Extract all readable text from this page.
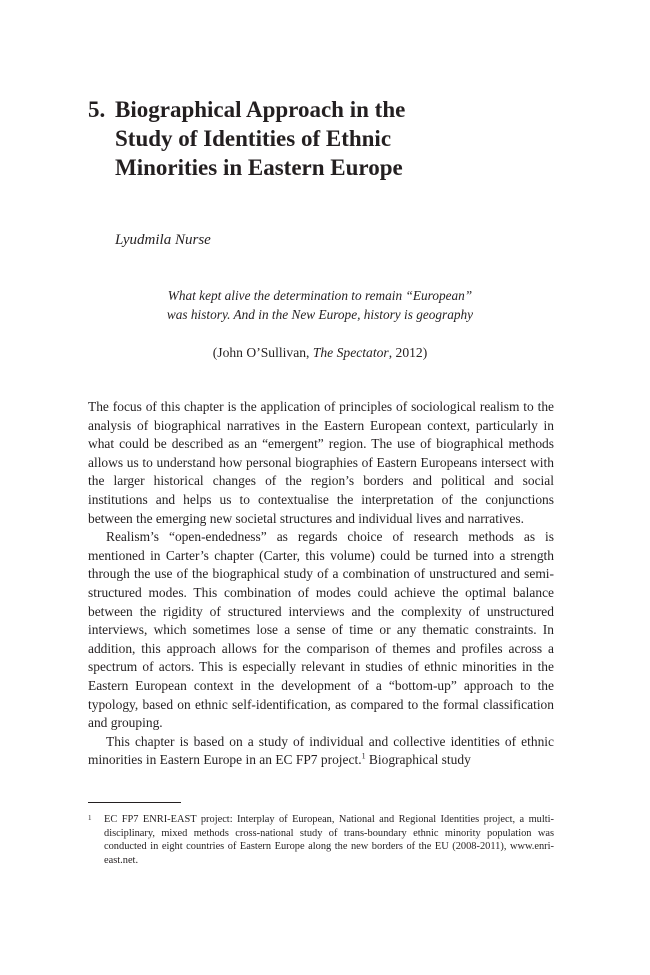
5. Biographical Approach in the Study of Identities of Ethnic Minorities in Eastern Europe
Lyudmila Nurse
What kept alive the determination to remain “European”
was history. And in the New Europe, history is geography
(John O’Sullivan, The Spectator, 2012)

The focus of this chapter is the application of principles of sociological realism to the analysis of biographical narratives in the Eastern European context, particularly in what could be described as an “emergent” region. The use of biographical methods allows us to understand how personal biographies of Eastern Europeans intersect with the larger historical changes of the region’s borders and political and social institutions and helps us to contextualise the interpretation of the conjunctions between the emerging new societal structures and individual lives and narratives.

Realism’s “open-endedness” as regards choice of research methods as is mentioned in Carter’s chapter (Carter, this volume) could be turned into a strength through the use of the biographical study of a combination of unstructured and semi-structured modes. This combination of modes could achieve the optimal balance between the rigidity of structured interviews and the complexity of unstructured interviews, which sometimes lose a sense of time or any thematic constraints. In addition, this approach allows for the comparison of themes and profiles across a spectrum of actors. This is especially relevant in studies of ethnic minorities in the Eastern European context in the development of a “bottom-up” approach to the typology, based on ethnic self-identification, as compared to the formal classification and grouping.

This chapter is based on a study of individual and collective identities of ethnic minorities in Eastern Europe in an EC FP7 project.$^1$ Biographical study

1	EC FP7 ENRI-EAST project: Interplay of European, National and Regional Identities project, a multi-disciplinary, mixed methods cross-national study of trans-boundary ethnic minority population was conducted in eight countries of Eastern Europe along the new borders of the EU (2008-2011), www.enri-east.net.
